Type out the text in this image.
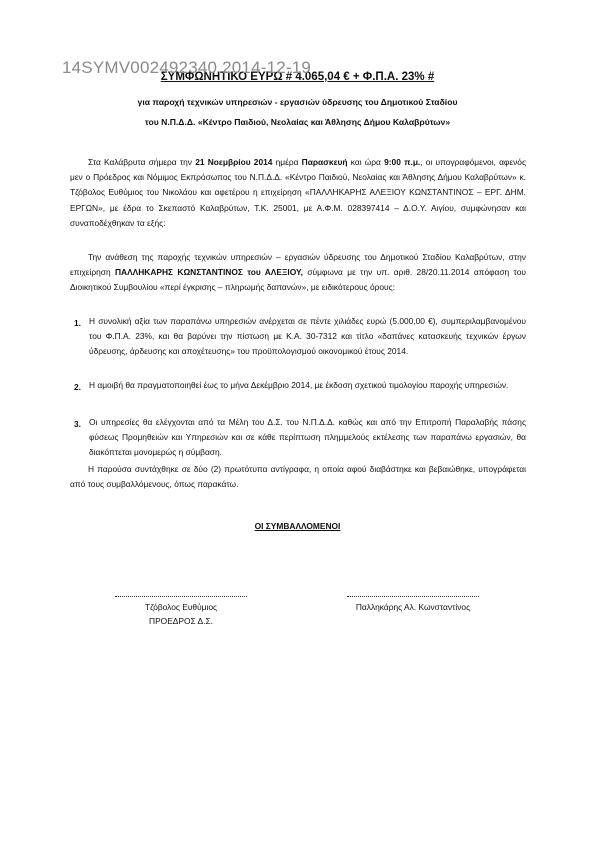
14SYMV002492340 2014-12-19
ΣΥΜΦΩΝΗΤΙΚΟ ΕΥΡΩ # 4.065,04 € + Φ.Π.Α. 23% #
για παροχή τεχνικών υπηρεσιών - εργασιών ύδρευσης του Δημοτικού Σταδίου
του Ν.Π.Δ.Δ. «Κέντρο Παιδιού, Νεολαίας και Άθλησης Δήμου Καλαβρύτων»
Στα Καλάβρυτα σήμερα την 21 Νοεμβρίου 2014 ημέρα Παρασκευή και ώρα 9:00 π.μ., οι υπογραφόμενοι, αφενός μεν ο Πρόεδρος και Νόμιμος Εκπρόσωπος του Ν.Π.Δ.Δ. «Κέντρο Παιδιού, Νεολαίας και Άθλησης Δήμου Καλαβρύτων» κ. Τζόβολος Ευθύμιος του Νικολάου και αφετέρου η επιχείρηση «ΠΑΛΛΗΚΑΡΗΣ ΑΛΕΞΙΟΥ ΚΩΝΣΤΑΝΤΙΝΟΣ – ΕΡΓ. ΔΗΜ. ΕΡΓΩΝ», με έδρα το Σκεπαστό Καλαβρύτων, Τ.Κ. 25001, με Α.Φ.Μ. 028397414 – Δ.Ο.Υ. Αιγίου, συμφώνησαν και συναποδέχθηκαν τα εξής:
Την ανάθεση της παροχής τεχνικών υπηρεσιών – εργασιών ύδρευσης του Δημοτικού Σταδίου Καλαβρύτων, στην επιχείρηση ΠΑΛΛΗΚΑΡΗΣ ΚΩΝΣΤΑΝΤΙΝΟΣ του ΑΛΕΞΙΟΥ, σύμφωνα με την υπ. αριθ. 28/20.11.2014 απόφαση του Διοικητικού Συμβουλίου «περί έγκρισης – πληρωμής δαπανών», με ειδικότερους όρους:
1. Η συνολική αξία των παραπάνω υπηρεσιών ανέρχεται σε πέντε χιλιάδες ευρώ (5.000,00 €), συμπεριλαμβανομένου του Φ.Π.Α. 23%, και θα βαρύνει την πίστωση με Κ.Α. 30-7312 και τίτλο «δαπάνες κατασκευής τεχνικών έργων ύδρευσης, άρδευσης και αποχέτευσης» του προϋπολογισμού οικονομικού έτους 2014.
2. Η αμοιβή θα πραγματοποιηθεί έως το μήνα Δεκέμβριο 2014, με έκδοση σχετικού τιμολογίου παροχής υπηρεσιών.
3. Οι υπηρεσίες θα ελέγχονται από τα Μέλη του Δ.Σ. του Ν.Π.Δ.Δ. καθώς και από την Επιτροπή Παραλαβής πάσης φύσεως Προμηθειών και Υπηρεσιών και σε κάθε περίπτωση πλημμελούς εκτέλεσης των παραπάνω εργασιών, θα διακόπτεται μονομερώς η σύμβαση.
Η παρούσα συντάχθηκε σε δύο (2) πρωτότυπα αντίγραφα, η οποία αφού διαβάστηκε και βεβαιώθηκε, υπογράφεται από τους συμβαλλόμενους, όπως παρακάτω.
ΟΙ ΣΥΜΒΑΛΛΟΜΕΝΟΙ
Τζόβολος Ευθύμιος
ΠΡΟΕΔΡΟΣ Δ.Σ.
Παλληκάρης Αλ. Κωνσταντίνος
